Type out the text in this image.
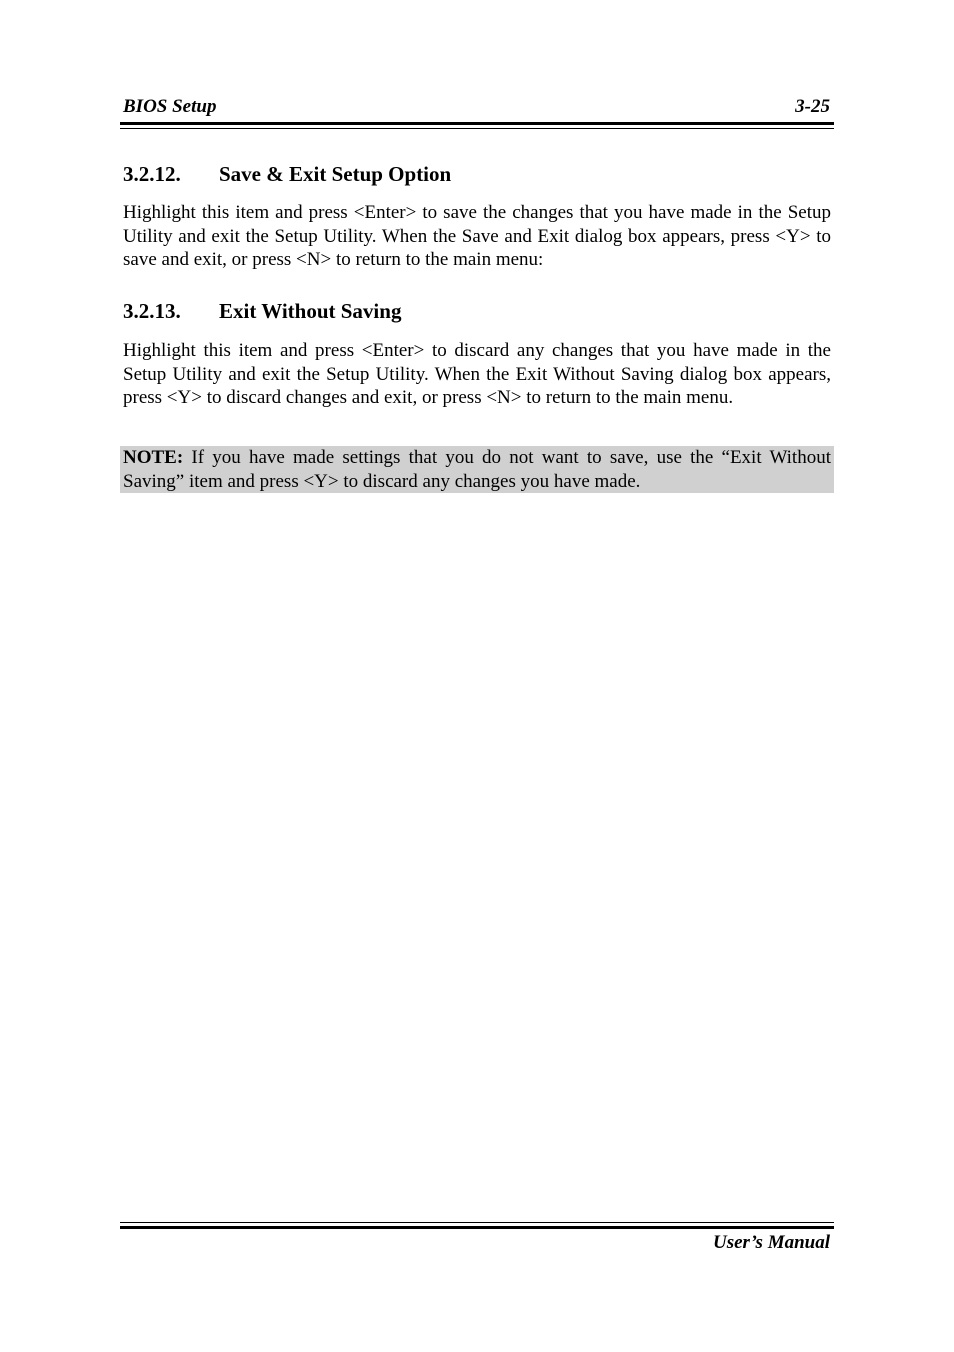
BIOS Setup	3-25
3.2.12. Save & Exit Setup Option

Highlight this item and press <Enter> to save the changes that you have made in the Setup Utility and exit the Setup Utility. When the Save and Exit dialog box appears, press <Y> to save and exit, or press <N> to return to the main menu:

3.2.13. Exit Without Saving

Highlight this item and press <Enter> to discard any changes that you have made in the Setup Utility and exit the Setup Utility. When the Exit Without Saving dialog box appears, press <Y> to discard changes and exit, or press <N> to return to the main menu.

NOTE: If you have made settings that you do not want to save, use the “Exit Without Saving” item and press <Y> to discard any changes you have made.

User’s Manual
